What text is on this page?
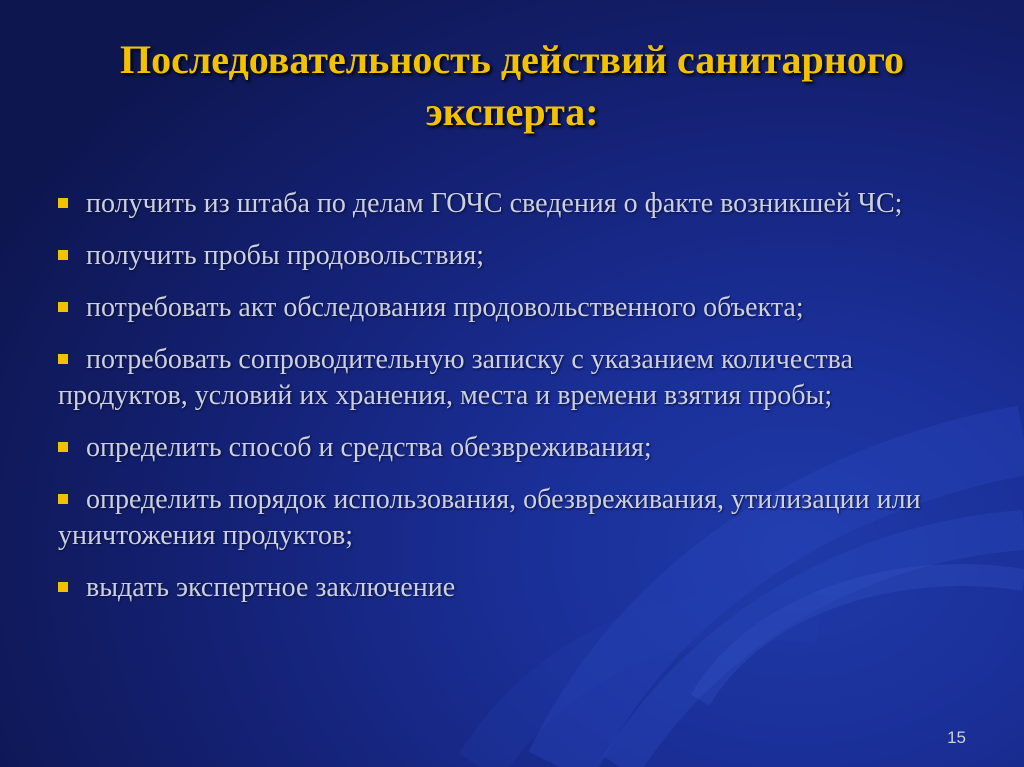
Последовательность действий санитарного эксперта:
получить из штаба по делам ГОЧС сведения о факте возникшей ЧС;
получить пробы продовольствия;
потребовать акт обследования продовольственного объекта;
потребовать сопроводительную записку с указанием количества продуктов, условий их хранения, места и времени взятия пробы;
определить способ и средства обезвреживания;
определить порядок использования, обезвреживания, утилизации или уничтожения продуктов;
выдать экспертное заключение
15
